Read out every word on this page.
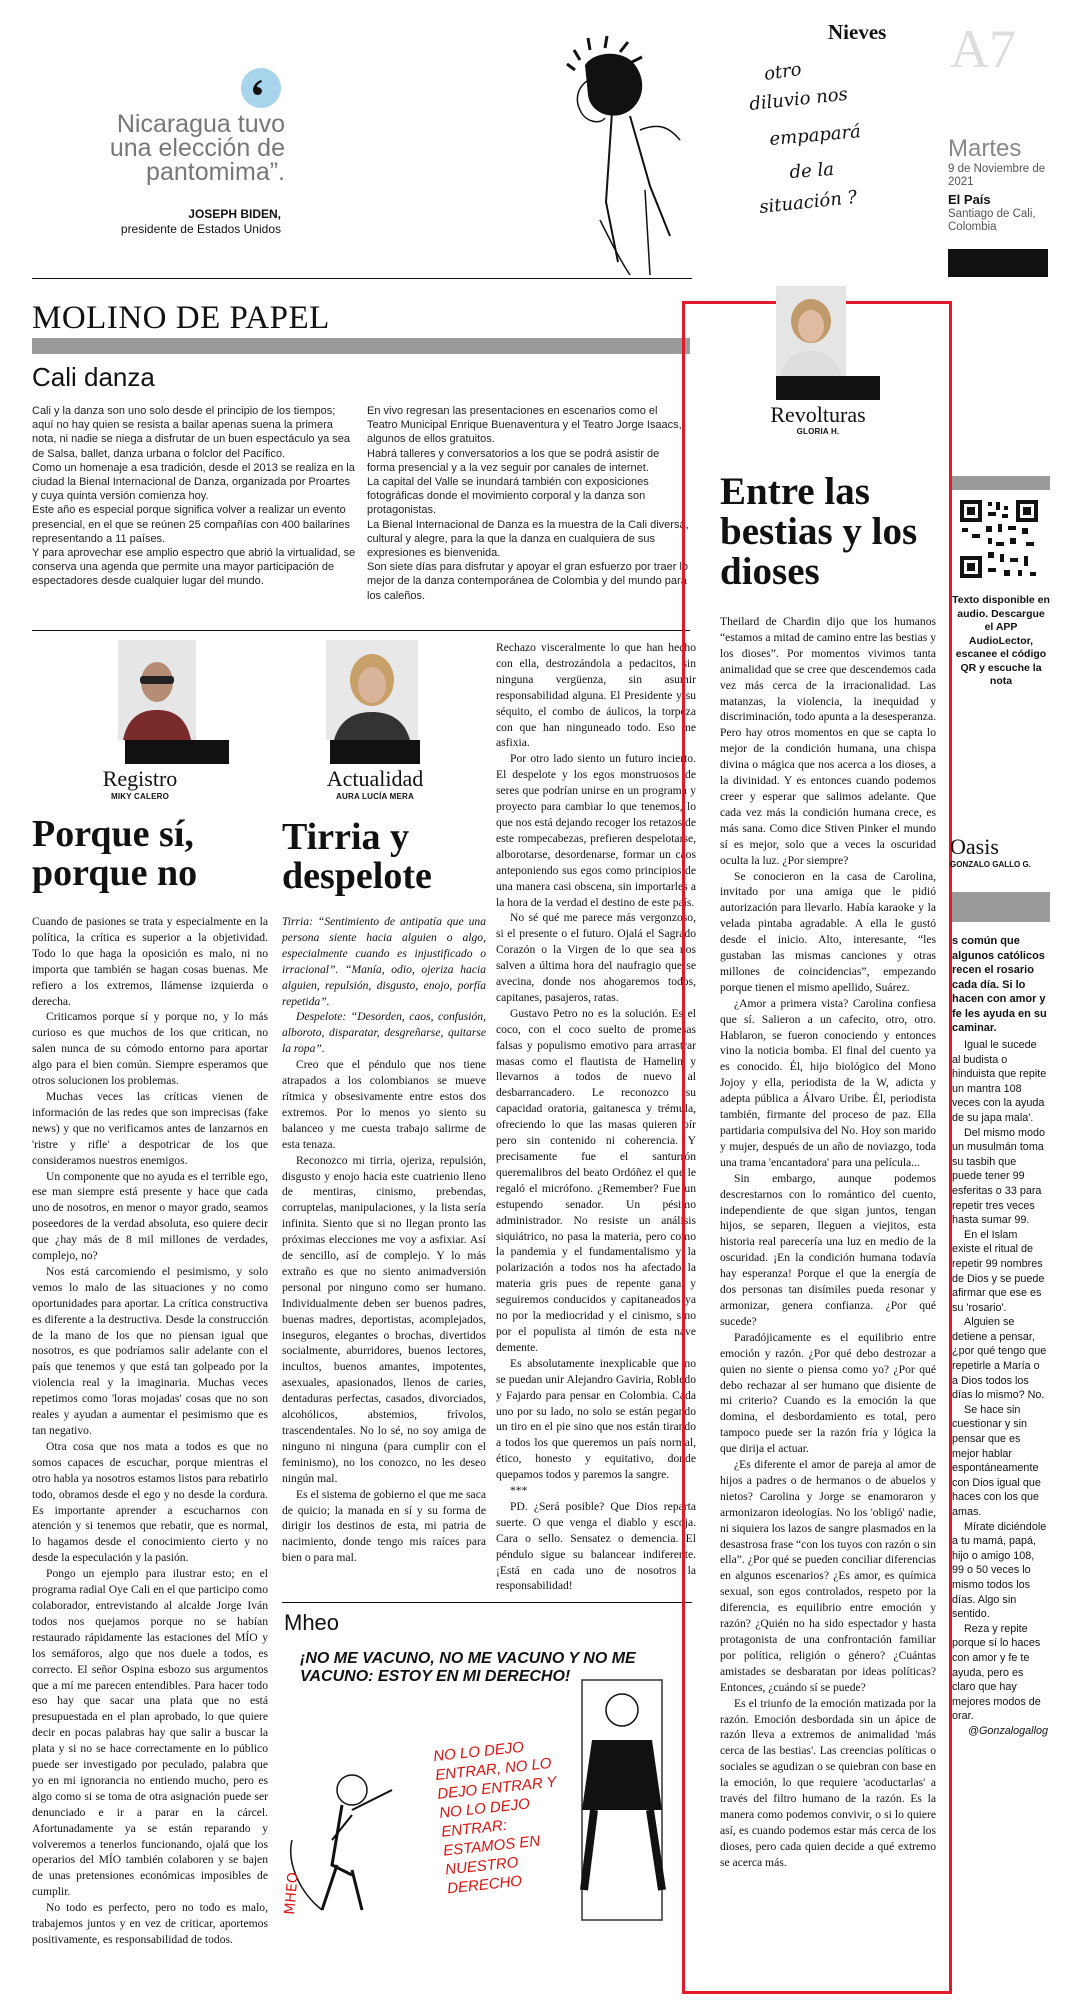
Nicaragua tuvo una elección de pantomima”.
JOSEPH BIDEN,
presidente de Estados Unidos
otro
diluvio nos
empapará
de la
situación ?
Nieves A7
Martes
9 de Noviembre de 2021
El País
Santiago de Cali, Colombia
MOLINO DE PAPEL
Cali danza
Cali y la danza son uno solo desde el principio de los tiempos; aquí no hay quien se resista a bailar apenas suena la primera nota, ni nadie se niega a disfrutar de un buen espectáculo ya sea de Salsa, ballet, danza urbana o folclor del Pacífico.
Como un homenaje a esa tradición, desde el 2013 se realiza en la ciudad la Bienal Internacional de Danza, organizada por Proartes y cuya quinta versión comienza hoy.
Este año es especial porque significa volver a realizar un evento presencial, en el que se reúnen 25 compañías con 400 bailarines representando a 11 países.
Y para aprovechar ese amplio espectro que abrió la virtualidad, se conserva una agenda que permite una mayor participación de espectadores desde cualquier lugar del mundo.
En vivo regresan las presentaciones en escenarios como el Teatro Municipal Enrique Buenaventura y el Teatro Jorge Isaacs, algunos de ellos gratuitos.
Habrá talleres y conversatorios a los que se podrá asistir de forma presencial y a la vez seguir por canales de internet.
La capital del Valle se inundará también con exposiciones fotográficas donde el movimiento corporal y la danza son protagonistas.
La Bienal Internacional de Danza es la muestra de la Cali diversa, cultural y alegre, para la que la danza en cualquiera de sus expresiones es bienvenida.
Son siete días para disfrutar y apoyar el gran esfuerzo por traer lo mejor de la danza contemporánea de Colombia y del mundo para los caleños.
Registro
MIKY CALERO
Porque sí, porque no

Cuando de pasiones se trata y especialmente en la política, la crítica es superior a la objetividad. Todo lo que haga la oposición es malo, ni no importa que también se hagan cosas buenas. Me refiero a los extremos, llámense izquierda o derecha.

Criticamos porque sí y porque no, y lo más curioso es que muchos de los que critican, no salen nunca de su cómodo entorno para aportar algo para el bien común. Siempre esperamos que otros solucionen los problemas.

Muchas veces las críticas vienen de información de las redes que son imprecisas (fake news) y que no verificamos antes de lanzarnos en 'ristre y rifle' a despotricar de los que consideramos nuestros enemigos.

Un componente que no ayuda es el terrible ego, ese man siempre está presente y hace que cada uno de nosotros, en menor o mayor grado, seamos poseedores de la verdad absoluta, eso quiere decir que ¿hay más de 8 mil millones de verdades, complejo, no?

Nos está carcomiendo el pesimismo, y solo vemos lo malo de las situaciones y no como oportunidades para aportar. La crítica constructiva es diferente a la destructiva. Desde la construcción de la mano de los que no piensan igual que nosotros, es que podríamos salir adelante con el país que tenemos y que está tan golpeado por la violencia real y la imaginaria. Muchas veces repetimos como 'loras mojadas' cosas que no son reales y ayudan a aumentar el pesimismo que es tan negativo.

Otra cosa que nos mata a todos es que no somos capaces de escuchar, porque mientras el otro habla ya nosotros estamos listos para rebatirlo todo, obramos desde el ego y no desde la cordura. Es importante aprender a escucharnos con atención y si tenemos que rebatir, que es normal, lo hagamos desde el conocimiento cierto y no desde la especulación y la pasión.

Pongo un ejemplo para ilustrar esto; en el programa radial Oye Cali en el que participo como colaborador, entrevistando al alcalde Jorge Iván todos nos quejamos porque no se habían restaurado rápidamente las estaciones del MÍO y los semáforos, algo que nos duele a todos, es correcto. El señor Ospina esbozo sus argumentos que a mí me parecen entendibles. Para hacer todo eso hay que sacar una plata que no está presupuestada en el plan aprobado, lo que quiere decir en pocas palabras hay que salir a buscar la plata y si no se hace correctamente en lo público puede ser investigado por peculado, palabra que yo en mi ignorancia no entiendo mucho, pero es algo como si se toma de otra asignación puede ser denunciado e ir a parar en la cárcel. Afortunadamente ya se están reparando y volveremos a tenerlos funcionando, ojalá que los operarios del MÍO también colaboren y se bajen de unas pretensiones económicas imposibles de cumplir.

No todo es perfecto, pero no todo es malo, trabajemos juntos y en vez de criticar, aportemos positivamente, es responsabilidad de todos.

Actualidad
AURA LUCÍA MERA
Tirria y despelote

Tirria: “Sentimiento de antipatía que una persona siente hacia alguien o algo, especialmente cuando es injustificado o irracional”. “Manía, odio, ojeriza hacia alguien, repulsión, disgusto, enojo, porfía repetida”.

Despelote: “Desorden, caos, confusión, alboroto, disparatar, desgreñarse, quitarse la ropa”.

Creo que el péndulo que nos tiene atrapados a los colombianos se mueve rítmica y obsesivamente entre estos dos extremos. Por lo menos yo siento su balanceo y me cuesta trabajo salirme de esta tenaza.

Reconozco mi tirria, ojeriza, repulsión, disgusto y enojo hacia este cuatrienio lleno de mentiras, cinismo, prebendas, corruptelas, manipulaciones, y la lista sería infinita. Siento que si no llegan pronto las próximas elecciones me voy a asfixiar. Así de sencillo, así de complejo. Y lo más extraño es que no siento animadversión personal por ninguno como ser humano. Individualmente deben ser buenos padres, buenas madres, deportistas, acomplejados, inseguros, elegantes o brochas, divertidos socialmente, aburridores, buenos lectores, incultos, buenos amantes, impotentes, asexuales, apasionados, llenos de caries, dentaduras perfectas, casados, divorciados, alcohólicos, abstemios, frívolos, trascendentales. No lo sé, no soy amiga de ninguno ni ninguna (para cumplir con el feminismo), no los conozco, no les deseo ningún mal.

Es el sistema de gobierno el que me saca de quicio; la manada en sí y su forma de dirigir los destinos de esta, mi patria de nacimiento, donde tengo mis raíces para bien o para mal.

Rechazo visceralmente lo que han hecho con ella, destrozándola a pedacitos, sin ninguna vergüenza, sin asumir responsabilidad alguna. El Presidente y su séquito, el combo de áulicos, la torpeza con que han ninguneado todo. Eso me asfixia.

Por otro lado siento un futuro incierto. El despelote y los egos monstruosos de seres que podrían unirse en un programa y proyecto para cambiar lo que tenemos, lo que nos está dejando recoger los retazos de este rompecabezas, prefieren despelotarse, alborotarse, desordenarse, formar un caos anteponiendo sus egos como principios de una manera casi obscena, sin importarles a la hora de la verdad el destino de este país.

No sé qué me parece más vergonzoso, si el presente o el futuro. Ojalá el Sagrado Corazón o la Virgen de lo que sea nos salven a última hora del naufragio que se avecina, donde nos ahogaremos todos, capitanes, pasajeros, ratas.

Gustavo Petro no es la solución. Es el coco, con el coco suelto de promesas falsas y populismo emotivo para arrastrar masas como el flautista de Hamelin y llevarnos a todos de nuevo al desbarrancadero. Le reconozco su capacidad oratoria, gaitanesca y trémula, ofreciendo lo que las masas quieren oír pero sin contenido ni coherencia. Y precisamente fue el santurrón queremalibros del beato Ordóñez el que le regaló el micrófono. ¿Remember? Fue un estupendo senador. Un pésimo administrador. No resiste un análisis siquiátrico, no pasa la materia, pero como la pandemia y el fundamentalismo y la polarización a todos nos ha afectado la materia gris pues de repente gana y seguiremos conducidos y capitaneados ya no por la mediocridad y el cinismo, sino por el populista al timón de esta nave demente.

Es absolutamente inexplicable que no se puedan unir Alejandro Gaviria, Robledo y Fajardo para pensar en Colombia. Cada uno por su lado, no solo se están pegando un tiro en el pie sino que nos están tirando a todos los que queremos un país normal, ético, honesto y equitativo, donde quepamos todos y paremos la sangre.

***

PD. ¿Será posible? Que Dios reparta suerte. O que venga el diablo y escoja. Cara o sello. Sensatez o demencia. El péndulo sigue su balancear indiferente. ¡Está en cada uno de nosotros la responsabilidad!

Mheo
MHEO
¡NO ME VACUNO, NO ME VACUNO Y NO ME VACUNO: ESTOY EN MI DERECHO!
NO LO DEJO ENTRAR, NO LO DEJO ENTRAR Y NO LO DEJO ENTRAR: ESTAMOS EN NUESTRO DERECHO
Revolturas
GLORIA H.
Entre las bestias y los dioses

Theilard de Chardin dijo que los humanos “estamos a mitad de camino entre las bestias y los dioses”. Por momentos vivimos tanta animalidad que se cree que descendemos cada vez más cerca de la irracionalidad. Las matanzas, la violencia, la inequidad y discriminación, todo apunta a la desesperanza. Pero hay otros momentos en que se capta lo mejor de la condición humana, una chispa divina o mágica que nos acerca a los dioses, a la divinidad. Y es entonces cuando podemos creer y esperar que salimos adelante. Que cada vez más la condición humana crece, es más sana. Como dice Stiven Pinker el mundo sí es mejor, solo que a veces la oscuridad oculta la luz. ¿Por siempre?

Se conocieron en la casa de Carolina, invitado por una amiga que le pidió autorización para llevarlo. Había karaoke y la velada pintaba agradable. A ella le gustó desde el inicio. Alto, interesante, “les gustaban las mismas canciones y otras millones de coincidencias”, empezando porque tienen el mismo apellido, Suárez.

¿Amor a primera vista? Carolina confiesa que sí. Salieron a un cafecito, otro, otro. Hablaron, se fueron conociendo y entonces vino la noticia bomba. El final del cuento ya es conocido. Él, hijo biológico del Mono Jojoy y ella, periodista de la W, adicta y adepta pública a Álvaro Uribe. Él, periodista también, firmante del proceso de paz. Ella partidaria compulsiva del No. Hoy son marido y mujer, después de un año de noviazgo, toda una trama 'encantadora' para una película...

Sin embargo, aunque podemos descrestarnos con lo romántico del cuento, independiente de que sigan juntos, tengan hijos, se separen, lleguen a viejitos, esta historia real parecería una luz en medio de la oscuridad. ¡En la condición humana todavía hay esperanza! Porque el que la energía de dos personas tan disímiles pueda resonar y armonizar, genera confianza. ¿Por qué sucede?

Paradójicamente es el equilibrio entre emoción y razón. ¿Por qué debo destrozar a quien no siente o piensa como yo? ¿Por qué debo rechazar al ser humano que disiente de mi criterio? Cuando es la emoción la que domina, el desbordamiento es total, pero tampoco puede ser la razón fría y lógica la que dirija el actuar.

¿Es diferente el amor de pareja al amor de hijos a padres o de hermanos o de abuelos y nietos? Carolina y Jorge se enamoraron y armonizaron ideologías. No los 'obligó' nadie, ni siquiera los lazos de sangre plasmados en la desastrosa frase “con los tuyos con razón o sin ella”. ¿Por qué se pueden conciliar diferencias en algunos escenarios? ¿Es amor, es química sexual, son egos controlados, respeto por la diferencia, es equilibrio entre emoción y razón? ¿Quién no ha sido espectador y hasta protagonista de una confrontación familiar por política, religión o género? ¿Cuántas amistades se desbaratan por ideas políticas? Entonces, ¿cuándo sí se puede?

Es el triunfo de la emoción matizada por la razón. Emoción desbordada sin un ápice de razón lleva a extremos de animalidad 'más cerca de las bestias'. Las creencias políticas o sociales se agudizan o se quiebran con base en la emoción, lo que requiere 'acoductarlas' a través del filtro humano de la razón. Es la manera como podemos convivir, o si lo quiere así, es cuando podemos estar más cerca de los dioses, pero cada quien decide a qué extremo se acerca más.

Texto disponible en audio. Descargue el APP AudioLector, escanee el código QR y escuche la nota
Oasis
GONZALO GALLO G.
s común que algunos católicos recen el rosario cada día. Si lo hacen con amor y fe les ayuda en su caminar.

Igual le sucede al budista o hinduista que repite un mantra 108 veces con la ayuda de su japa mala'.

Del mismo modo un musulmán toma su tasbih que puede tener 99 esferitas o 33 para repetir tres veces hasta sumar 99.

En el Islam existe el ritual de repetir 99 nombres de Dios y se puede afirmar que ese es su 'rosario'.

Alguien se detiene a pensar, ¿por qué tengo que repetirle a María o a Dios todos los días lo mismo? No.

Se hace sin cuestionar y sin pensar que es mejor hablar espontáneamente con Dios igual que haces con los que amas.

Mírate diciéndole a tu mamá, papá, hijo o amigo 108, 99 o 50 veces lo mismo todos los días. Algo sin sentido.

Reza y repite porque sí lo haces con amor y fe te ayuda, pero es claro que hay mejores modos de orar.

@Gonzalogallog
